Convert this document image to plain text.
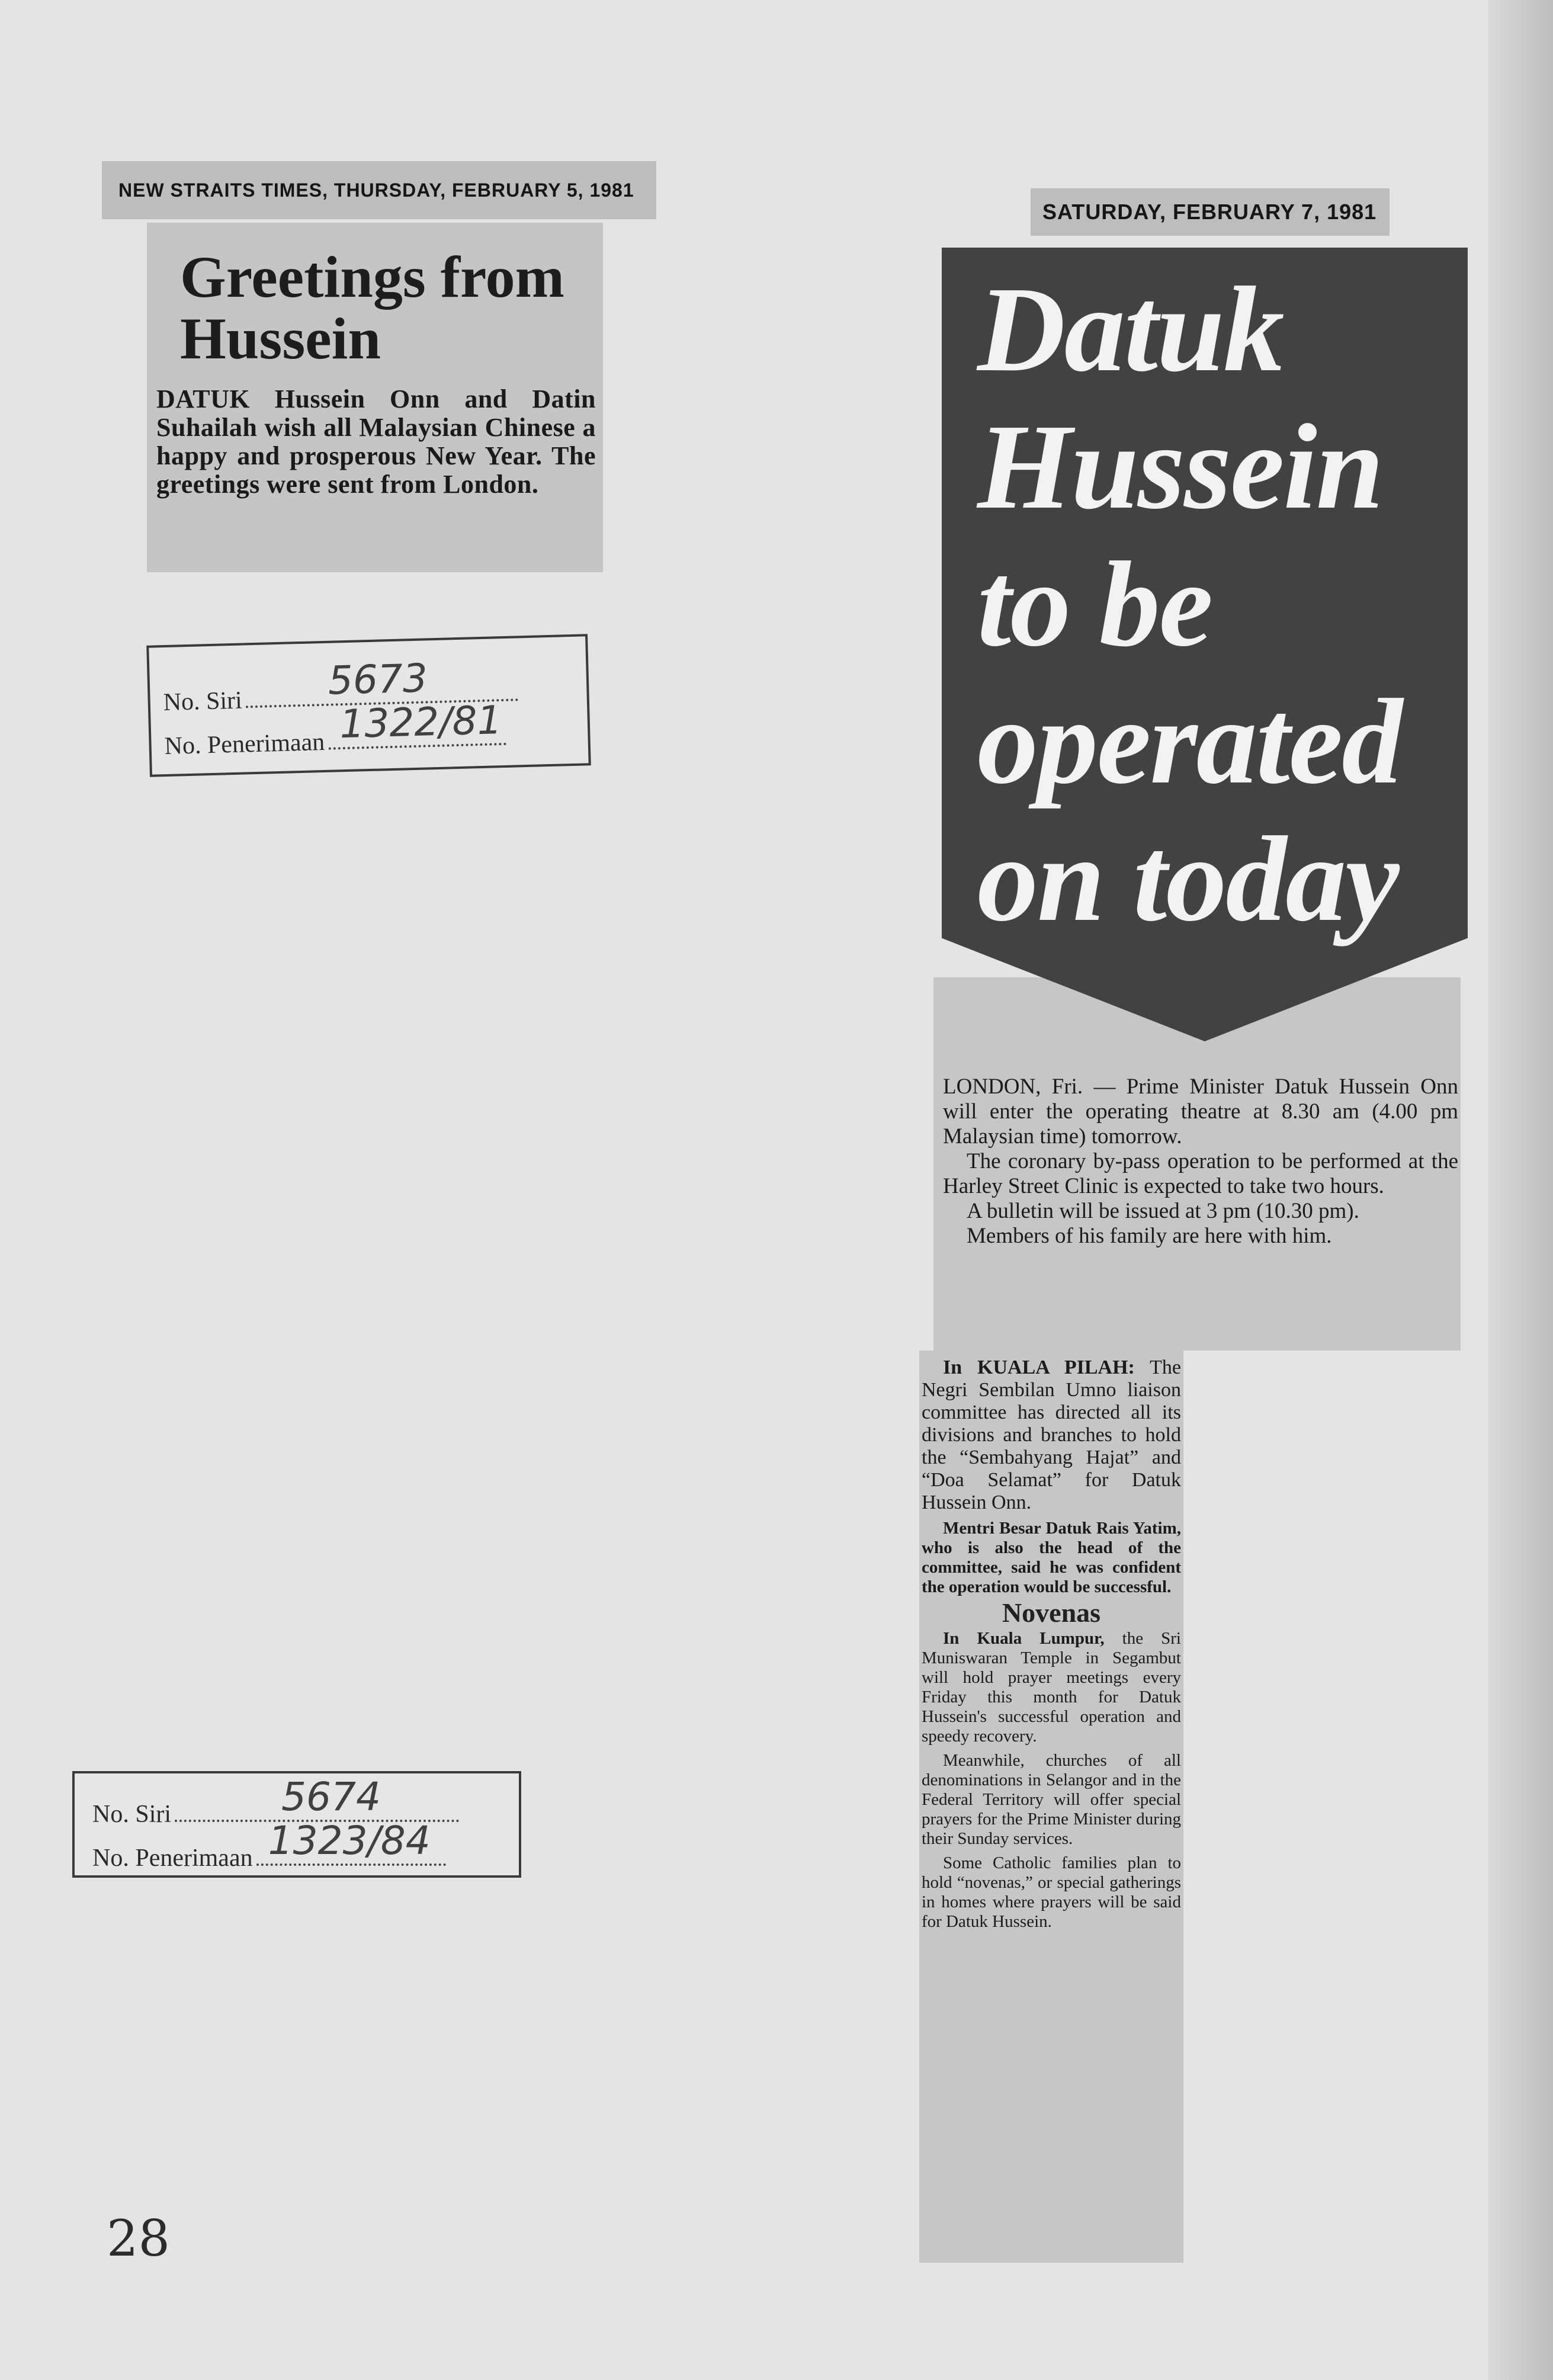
NEW STRAITS TIMES, THURSDAY, FEBRUARY 5, 1981
Greetings from Hussein
DATUK Hussein Onn and Datin Suhailah wish all Malaysian Chinese a happy and prosperous New Year. The greetings were sent from London.
No. Siri 5673
No. Penerimaan 1322/81
No. Siri	5674
No. Penerimaan 1323/84
SATURDAY, FEBRUARY 7, 1981
Datuk Hussein to be operated on today

LONDON, Fri. — Prime Minister Datuk Hussein Onn will enter the operating theatre at 8.30 am (4.00 pm Malaysian time) tomorrow.

The coronary by-pass operation to be performed at the Harley Street Clinic is expected to take two hours.

A bulletin will be issued at 3 pm (10.30 pm).

Members of his family are here with him.

In KUALA PILAH: The Negri Sembilan Umno liaison committee has directed all its divisions and branches to hold the “Sembahyang Hajat” and “Doa Selamat” for Datuk Hussein Onn.

Mentri Besar Datuk Rais Yatim, who is also the head of the committee, said he was confident the operation would be successful.

Novenas

In Kuala Lumpur, the Sri Muniswaran Temple in Segambut will hold prayer meetings every Friday this month for Datuk Hussein's successful operation and speedy recovery.

Meanwhile, churches of all denominations in Selangor and in the Federal Territory will offer special prayers for the Prime Minister during their Sunday services.

Some Catholic families plan to hold “novenas,” or special gatherings in homes where prayers will be said for Datuk Hussein.

28
